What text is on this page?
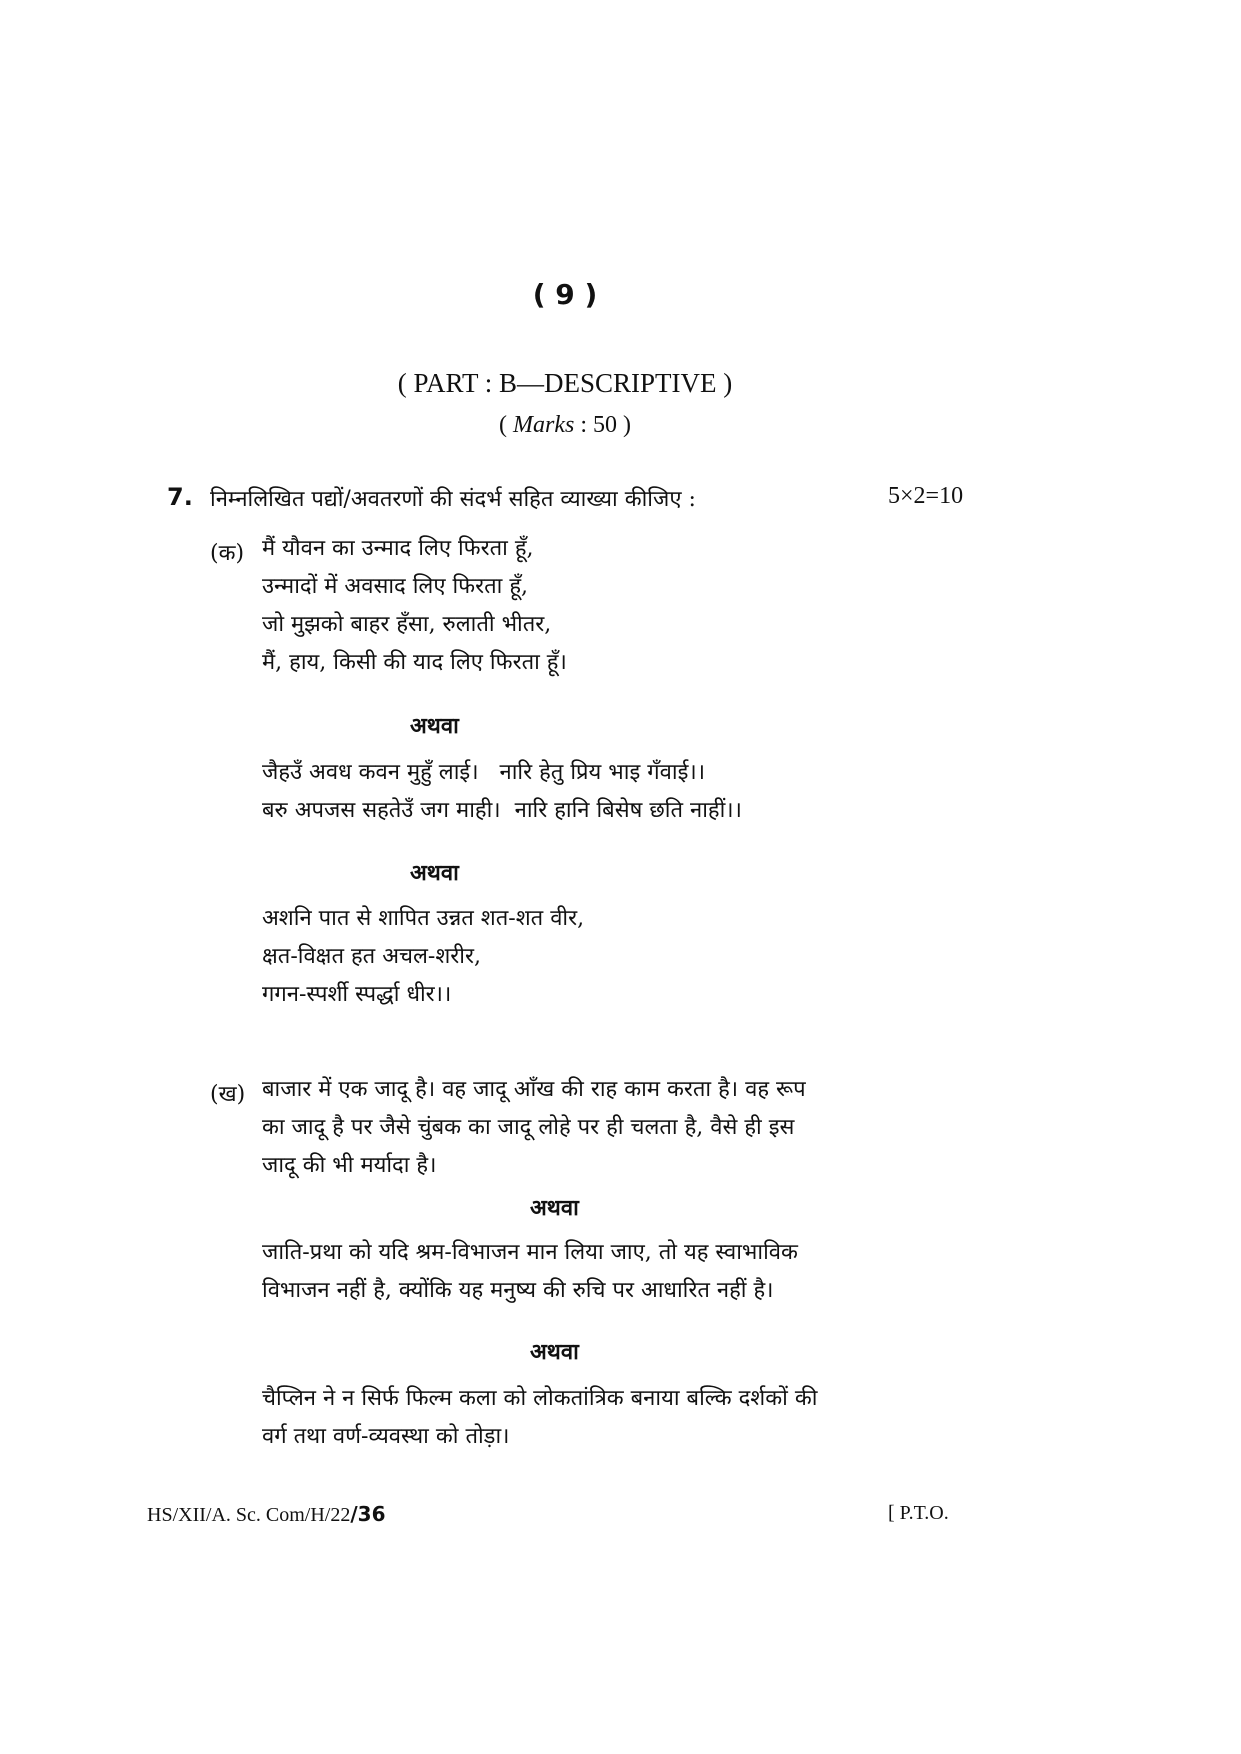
( 9 )
( PART : B—DESCRIPTIVE )
( Marks : 50 )
7. निम्नलिखित पद्यों/अवतरणों की संदर्भ सहित व्याख्या कीजिए :	5×2=10
(क) मैं यौवन का उन्माद लिए फिरता हूँ,
उन्मादों में अवसाद लिए फिरता हूँ,
जो मुझको बाहर हँसा, रुलाती भीतर,
मैं, हाय, किसी की याद लिए फिरता हूँ।
अथवा
जैहउँ अवध कवन मुहुँ लाई।   नारि हेतु प्रिय भाइ गँवाई।।
बरु अपजस सहतेउँ जग माही।  नारि हानि बिसेष छति नाहीं।।
अथवा
अशनि पात से शापित उन्नत शत-शत वीर,
क्षत-विक्षत हत अचल-शरीर,
गगन-स्पर्शी स्पर्द्धा धीर।।
(ख) बाजार में एक जादू है। वह जादू आँख की राह काम करता है। वह रूप
का जादू है पर जैसे चुंबक का जादू लोहे पर ही चलता है, वैसे ही इस
जादू की भी मर्यादा है।
अथवा
जाति-प्रथा को यदि श्रम-विभाजन मान लिया जाए, तो यह स्वाभाविक
विभाजन नहीं है, क्योंकि यह मनुष्य की रुचि पर आधारित नहीं है।
अथवा
चैप्लिन ने न सिर्फ फिल्म कला को लोकतांत्रिक बनाया बल्कि दर्शकों की
वर्ग तथा वर्ण-व्यवस्था को तोड़ा।
HS/XII/A. Sc. Com/H/22/36	[ P.T.O.
